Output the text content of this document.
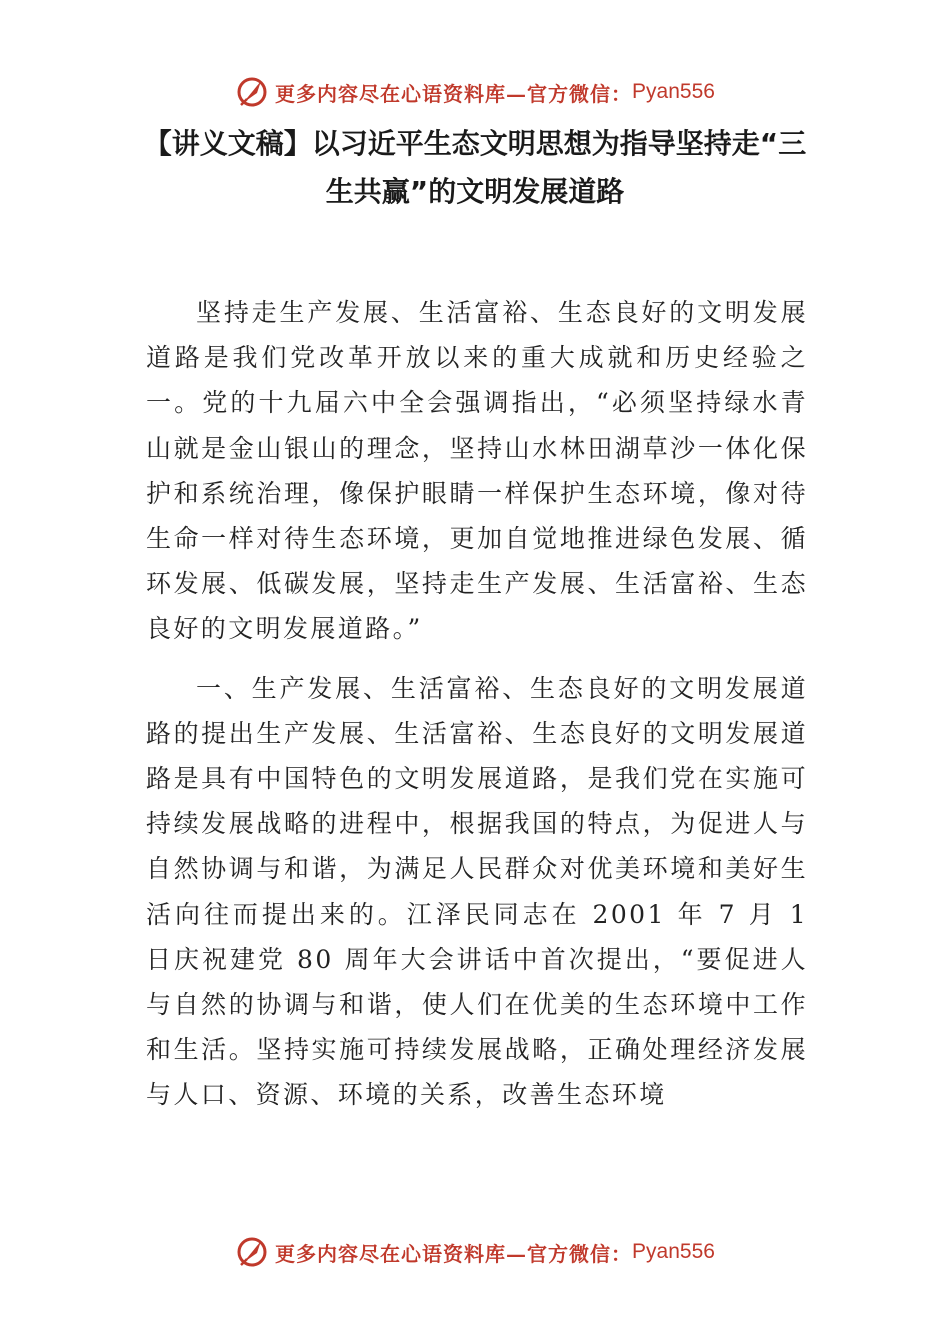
更多内容尽在心语资料库—官方微信： Pyan556
【讲义文稿】以习近平生态文明思想为指导坚持走“三生共赢”的文明发展道路

坚持走生产发展、生活富裕、生态良好的文明发展道路是我们党改革开放以来的重大成就和历史经验之一。党的十九届六中全会强调指出，“必须坚持绿水青山就是金山银山的理念，坚持山水林田湖草沙一体化保护和系统治理，像保护眼睛一样保护生态环境，像对待生命一样对待生态环境，更加自觉地推进绿色发展、循环发展、低碳发展，坚持走生产发展、生活富裕、生态良好的文明发展道路。”

一、生产发展、生活富裕、生态良好的文明发展道路的提出生产发展、生活富裕、生态良好的文明发展道路是具有中国特色的文明发展道路，是我们党在实施可持续发展战略的进程中，根据我国的特点，为促进人与自然协调与和谐，为满足人民群众对优美环境和美好生活向往而提出来的。江泽民同志在 2001 年 7 月 1 日庆祝建党 80 周年大会讲话中首次提出，“要促进人与自然的协调与和谐，使人们在优美的生态环境中工作和生活。坚持实施可持续发展战略，正确处理经济发展与人口、资源、环境的关系，改善生态环境

更多内容尽在心语资料库—官方微信： Pyan556
